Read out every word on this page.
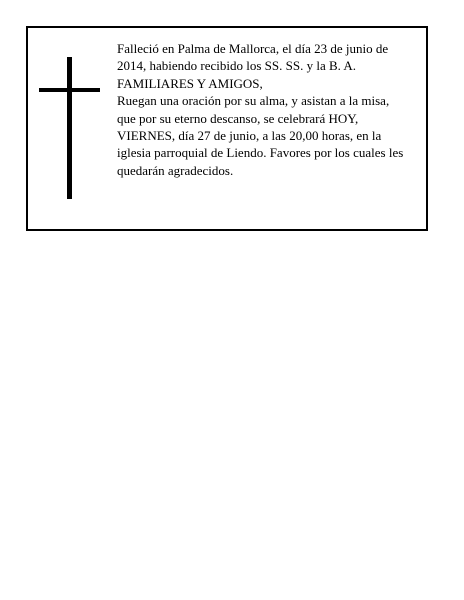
Falleció en Palma de Mallorca, el día 23 de junio de
2014, habiendo recibido los SS. SS. y la B. A.
FAMILIARES Y AMIGOS,
Ruegan una oración por su alma, y asistan a la misa,
que por su eterno descanso, se celebrará HOY,
VIERNES, día 27 de junio, a las 20,00 horas, en la
iglesia parroquial de Liendo. Favores por los cuales les
quedarán agradecidos.
